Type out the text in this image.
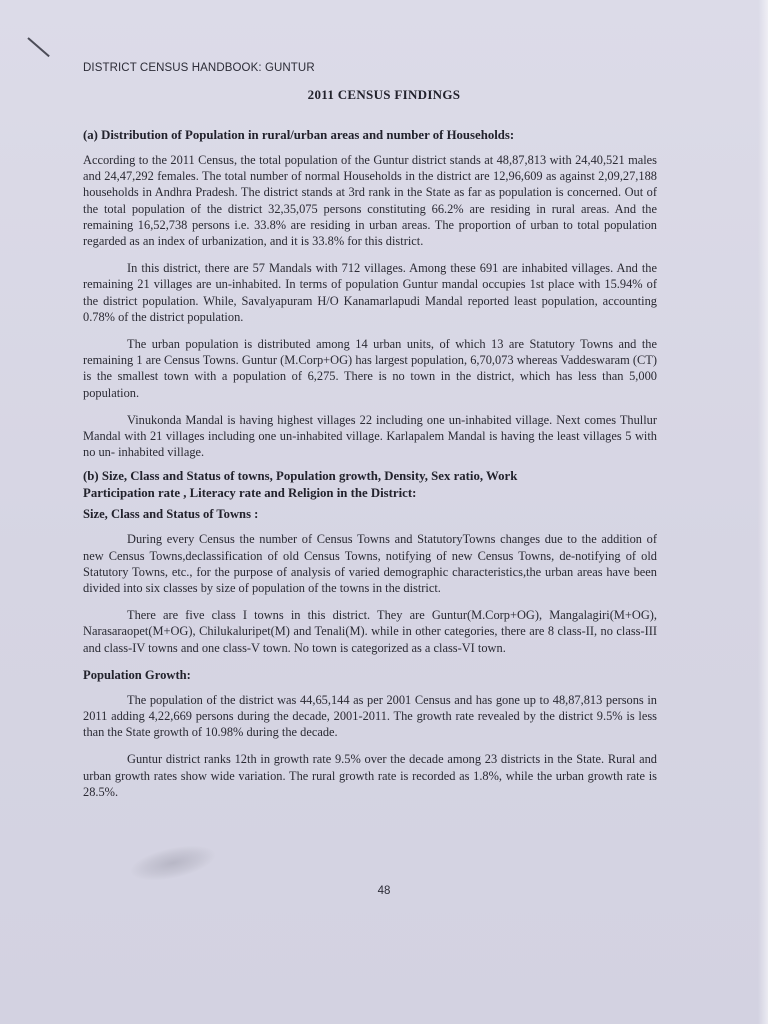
DISTRICT CENSUS HANDBOOK: GUNTUR
2011 CENSUS FINDINGS

(a) Distribution of Population in rural/urban areas and number of Households:

According to the 2011 Census, the total population of the Guntur district stands at 48,87,813 with 24,40,521 males and 24,47,292 females. The total number of normal Households in the district are 12,96,609 as against 2,09,27,188 households in Andhra Pradesh. The district stands at 3rd rank in the State as far as population is concerned. Out of the total population of the district 32,35,075 persons constituting 66.2% are residing in rural areas. And the remaining 16,52,738 persons i.e. 33.8% are residing in urban areas. The proportion of urban to total population regarded as an index of urbanization, and it is 33.8% for this district.

In this district, there are 57 Mandals with 712 villages. Among these 691 are inhabited villages. And the remaining 21 villages are un-inhabited. In terms of population Guntur mandal occupies 1st place with 15.94% of the district population. While, Savalyapuram H/O Kanamarlapudi Mandal reported least population, accounting 0.78% of the district population.

The urban population is distributed among 14 urban units, of which 13 are Statutory Towns and the remaining 1 are Census Towns. Guntur (M.Corp+OG) has largest population, 6,70,073 whereas Vaddeswaram (CT) is the smallest town with a population of 6,275. There is no town in the district, which has less than 5,000 population.

Vinukonda Mandal is having highest villages 22 including one un-inhabited village. Next comes Thullur Mandal with 21 villages including one un-inhabited village. Karlapalem Mandal is having the least villages 5 with no un- inhabited village.

(b) Size, Class and Status of towns, Population growth, Density, Sex ratio, Work

Participation rate , Literacy rate and Religion in the District:

Size, Class and Status of Towns :

During every Census the number of Census Towns and StatutoryTowns changes due to the addition of new Census Towns,declassification of old Census Towns, notifying of new Census Towns, de-notifying of old Statutory Towns, etc., for the purpose of analysis of varied demographic characteristics,the urban areas have been divided into six classes by size of population of the towns in the district.

There are five class I towns in this district. They are Guntur(M.Corp+OG), Mangalagiri(M+OG), Narasaraopet(M+OG), Chilukaluripet(M) and Tenali(M). while in other categories, there are 8 class-II, no class-III and class-IV towns and one class-V town. No town is categorized as a class-VI town.

Population Growth:

The population of the district was 44,65,144 as per 2001 Census and has gone up to 48,87,813 persons in 2011 adding 4,22,669 persons during the decade, 2001-2011. The growth rate revealed by the district 9.5% is less than the State growth of 10.98% during the decade.

Guntur district ranks 12th in growth rate 9.5% over the decade among 23 districts in the State. Rural and urban growth rates show wide variation. The rural growth rate is recorded as 1.8%, while the urban growth rate is 28.5%.

48
